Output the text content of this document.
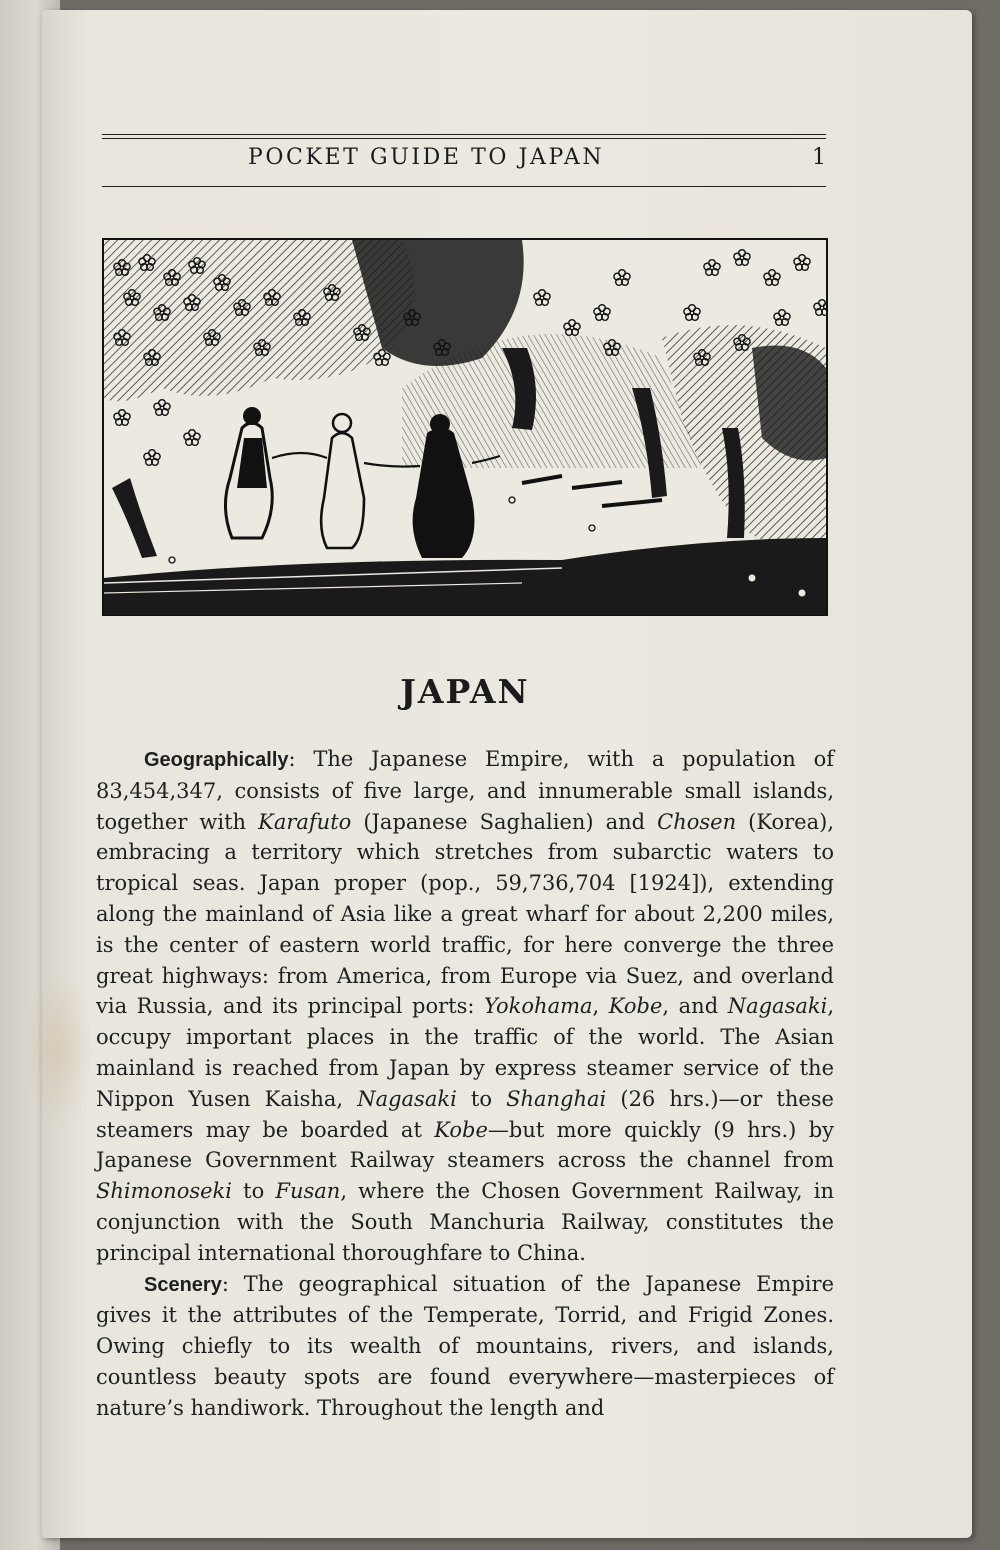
POCKET GUIDE TO JAPAN	1
JAPAN

Geographically: The Japanese Empire, with a population of 83,454,347, consists of five large, and innumerable small islands, together with Karafuto (Japanese Saghalien) and Chosen (Korea), embracing a territory which stretches from subarctic waters to tropical seas. Japan proper (pop., 59,736,704 [1924]), extending along the mainland of Asia like a great wharf for about 2,200 miles, is the center of eastern world traffic, for here converge the three great highways: from America, from Europe via Suez, and overland via Russia, and its principal ports: Yokohama, Kobe, and Nagasaki, occupy important places in the traffic of the world. The Asian mainland is reached from Japan by express steamer service of the Nippon Yusen Kaisha, Nagasaki to Shanghai (26 hrs.)—or these steamers may be boarded at Kobe—but more quickly (9 hrs.) by Japanese Government Railway steamers across the channel from Shimonoseki to Fusan, where the Chosen Government Railway, in conjunction with the South Manchuria Railway, constitutes the principal international thoroughfare to China.

Scenery: The geographical situation of the Japanese Empire gives it the attributes of the Temperate, Torrid, and Frigid Zones. Owing chiefly to its wealth of mountains, rivers, and islands, countless beauty spots are found everywhere—masterpieces of nature’s handiwork. Throughout the length and
